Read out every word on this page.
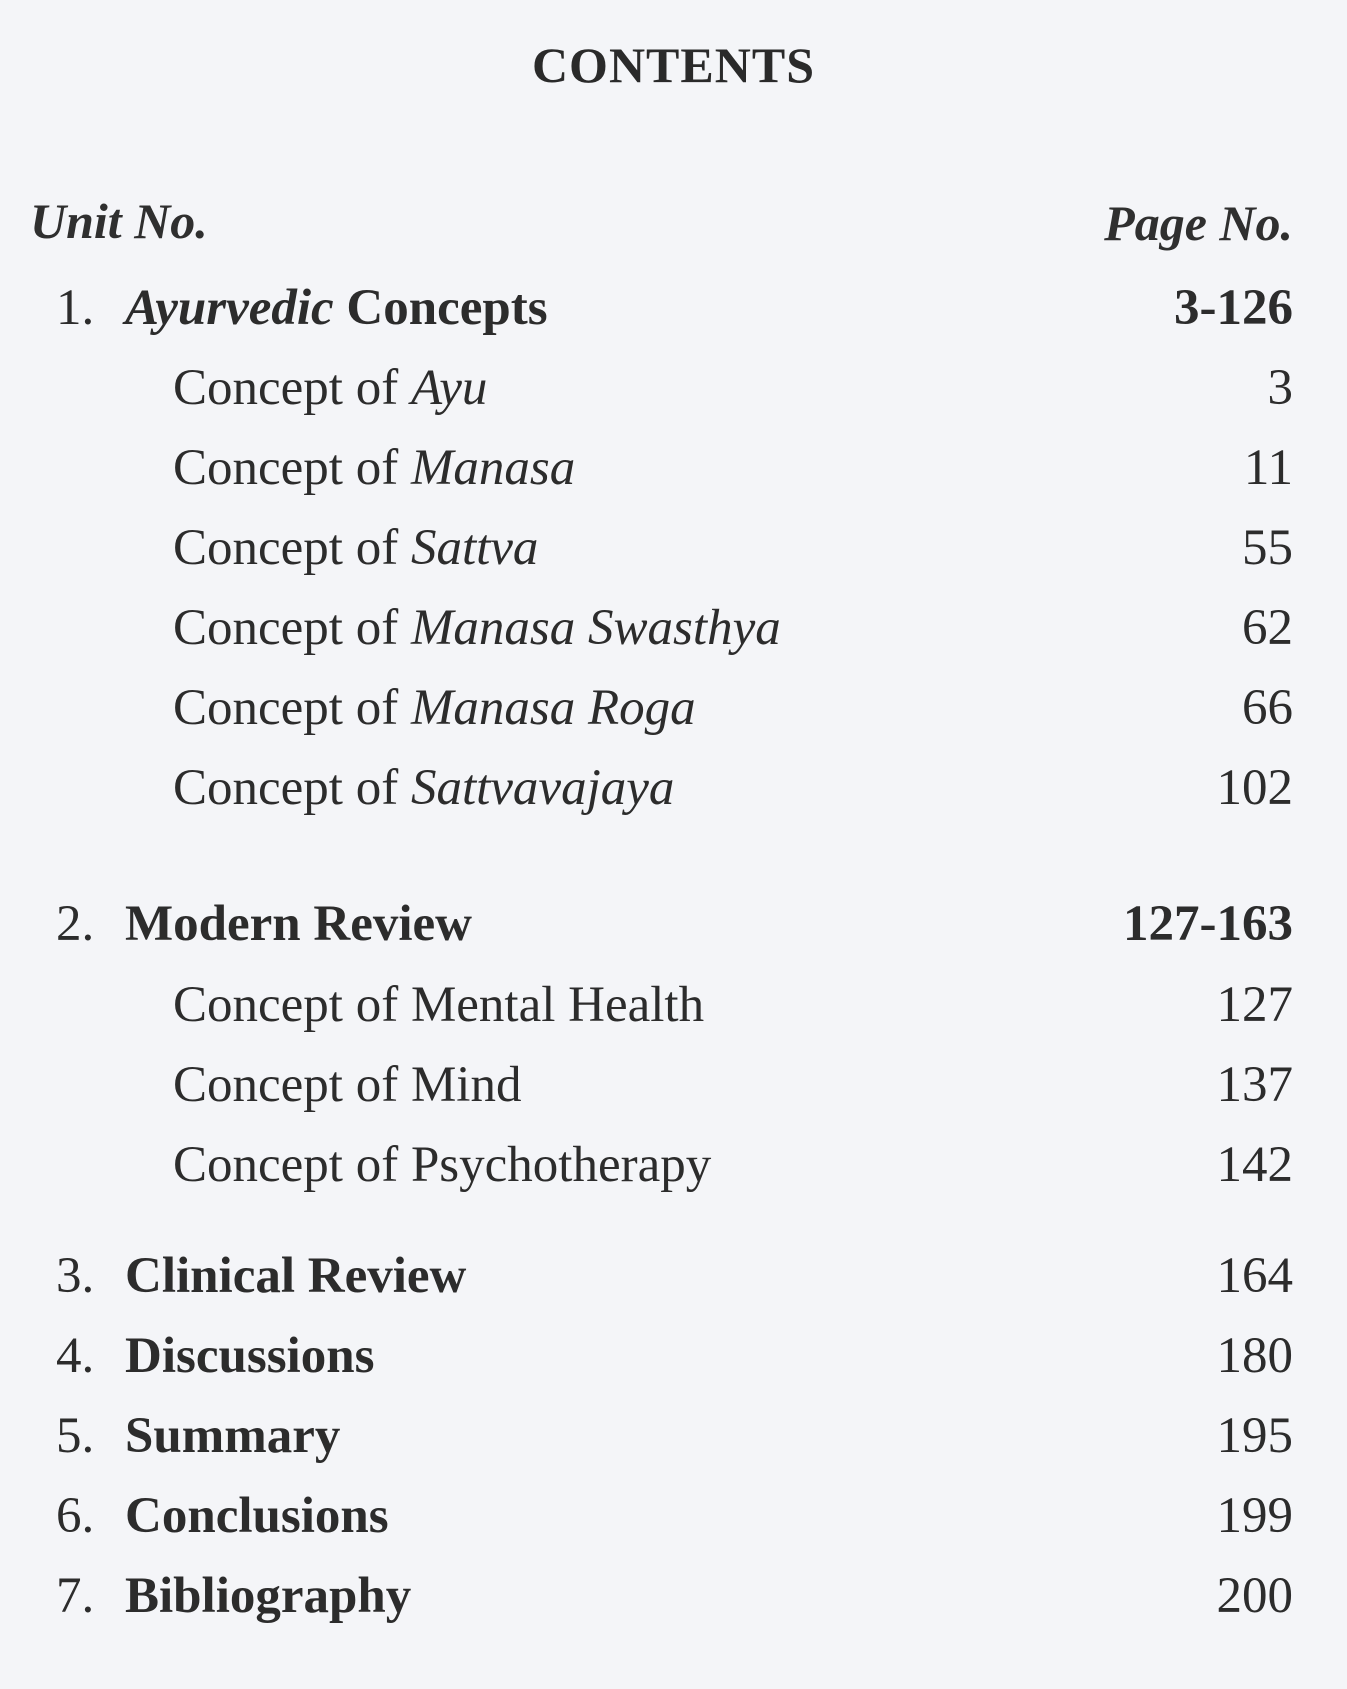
CONTENTS
Unit No.	Page No.
1. Ayurvedic Concepts	3-126
Concept of Ayu	3
Concept of Manasa	11
Concept of Sattva	55
Concept of Manasa Swasthya	62
Concept of Manasa Roga	66
Concept of Sattvavajaya	102
2. Modern Review	127-163
Concept of Mental Health	127
Concept of Mind	137
Concept of Psychotherapy	142
3. Clinical Review	164
4. Discussions	180
5. Summary	195
6. Conclusions	199
7. Bibliography	200
